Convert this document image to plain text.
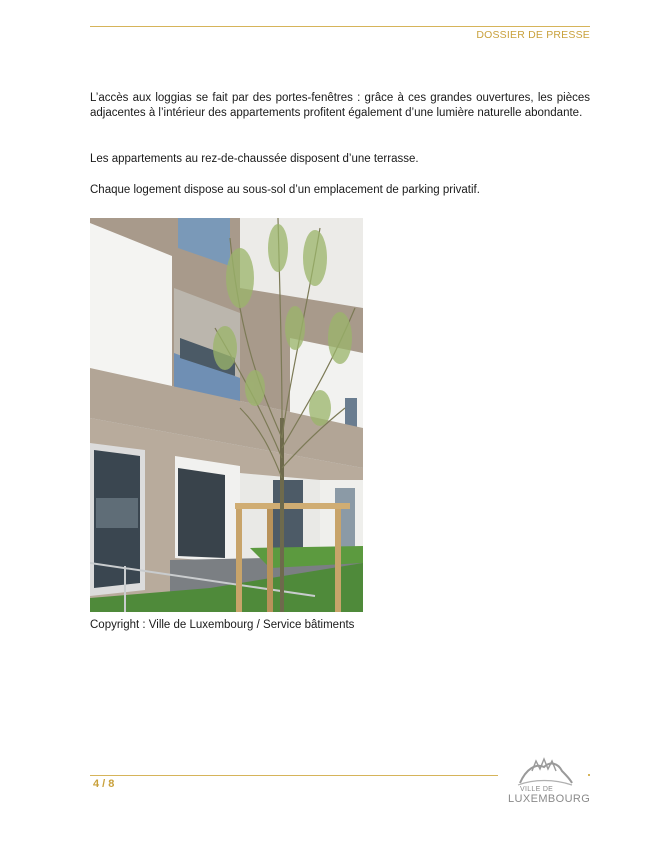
DOSSIER DE PRESSE

L’accès aux loggias se fait par des portes-fenêtres : grâce à ces grandes ouvertures, les pièces adjacentes à l’intérieur des appartements profitent également d’une lumière naturelle abondante.

Les appartements au rez-de-chaussée disposent d’une terrasse.

Chaque logement dispose au sous-sol d’un emplacement de parking privatif.

Copyright : Ville de Luxembourg / Service bâtiments
4 / 8	VILLE DE
LUXEMBOURG
